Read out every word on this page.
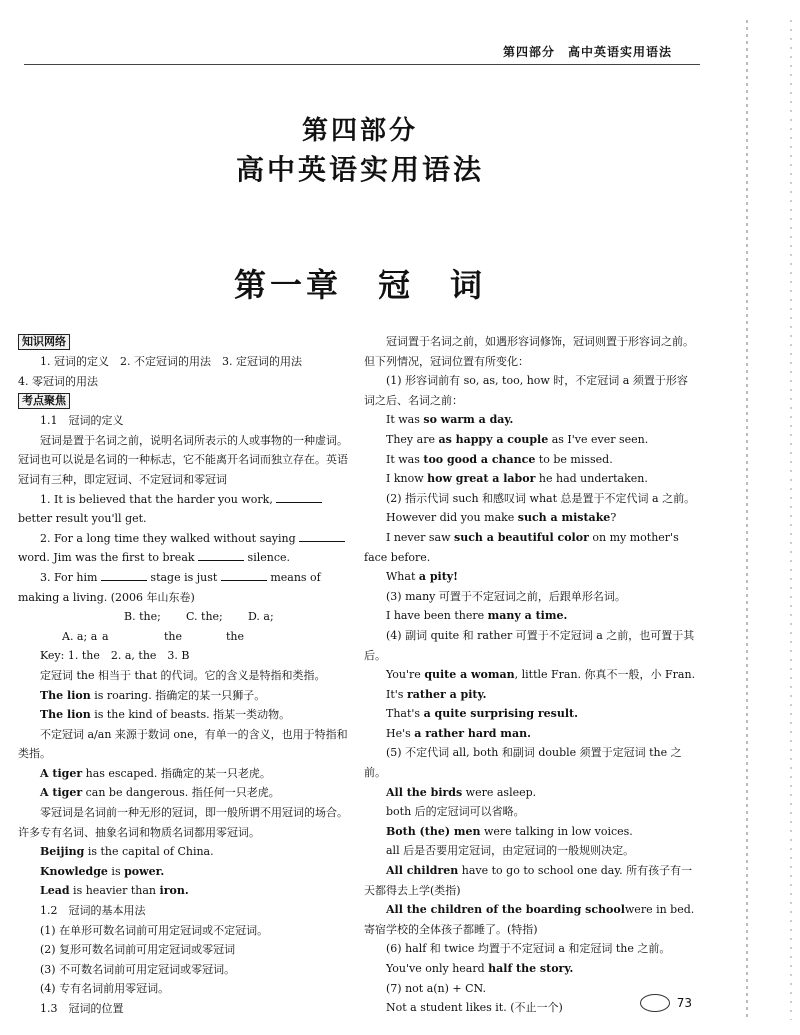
第四部分　高中英语实用语法
第四部分
高中英语实用语法
第一章 冠　词

知识网络

1. 冠词的定义　2. 不定冠词的用法　3. 定冠词的用法

4. 零冠词的用法

考点聚焦

1.1　冠词的定义

冠词是置于名词之前，说明名词所表示的人或事物的一种虚词。冠词也可以说是名词的一种标志，它不能离开名词而独立存在。英语冠词有三种，即定冠词、不定冠词和零冠词

1. It is believed that the harder you work,  better result you'll get.

2. For a long time they walked without saying  word. Jim was the first to break	silence.

3. For him	stage is just	means of making a living. (2006 年山东卷)

A. a; aB. the; aC. the; theD. a; the

Key: 1. the　2. a, the　3. B

定冠词 the 相当于 that 的代词。它的含义是特指和类指。

The lion is roaring. 指确定的某一只狮子。

The lion is the kind of beasts. 指某一类动物。

不定冠词 a/an 来源于数词 one，有单一的含义，也用于特指和类指。

A tiger has escaped. 指确定的某一只老虎。

A tiger can be dangerous. 指任何一只老虎。

零冠词是名词前一种无形的冠词，即一般所谓不用冠词的场合。许多专有名词、抽象名词和物质名词都用零冠词。

Beijing is the capital of China.

Knowledge is power.

Lead is heavier than iron.

1.2　冠词的基本用法

(1) 在单形可数名词前可用定冠词或不定冠词。

(2) 复形可数名词前可用定冠词或零冠词

(3) 不可数名词前可用定冠词或零冠词。

(4) 专有名词前用零冠词。

1.3　冠词的位置

冠词置于名词之前，如遇形容词修饰，冠词则置于形容词之前。但下列情况，冠词位置有所变化：

(1) 形容词前有 so, as, too, how 时，不定冠词 a 须置于形容词之后、名词之前：

It was so warm a day.

They are as happy a couple as I've ever seen.

It was too good a chance to be missed.

I know how great a labor he had undertaken.

(2) 指示代词 such 和感叹词 what 总是置于不定代词 a 之前。

However did you make such a mistake?

I never saw such a beautiful color on my mother's face before.

What a pity!

(3) many 可置于不定冠词之前，后跟单形名词。

I have been there many a time.

(4) 副词 quite 和 rather 可置于不定冠词 a 之前，也可置于其后。

You're quite a woman, little Fran. 你真不一般，小 Fran.

It's rather a pity.

That's a quite surprising result.

He's a rather hard man.

(5) 不定代词 all, both 和副词 double 须置于定冠词 the 之前。

All the birds were asleep.

both 后的定冠词可以省略。

Both (the) men were talking in low voices.

all 后是否要用定冠词，由定冠词的一般规则决定。

All children have to go to school one day. 所有孩子有一天都得去上学(类指)

All the children of the boarding schoolwere in bed. 寄宿学校的全体孩子都睡了。(特指)

(6) half 和 twice 均置于不定冠词 a 和定冠词 the 之前。

You've only heard half the story.

(7) not a(n) + CN.

Not a student likes it. (不止一个)	73
